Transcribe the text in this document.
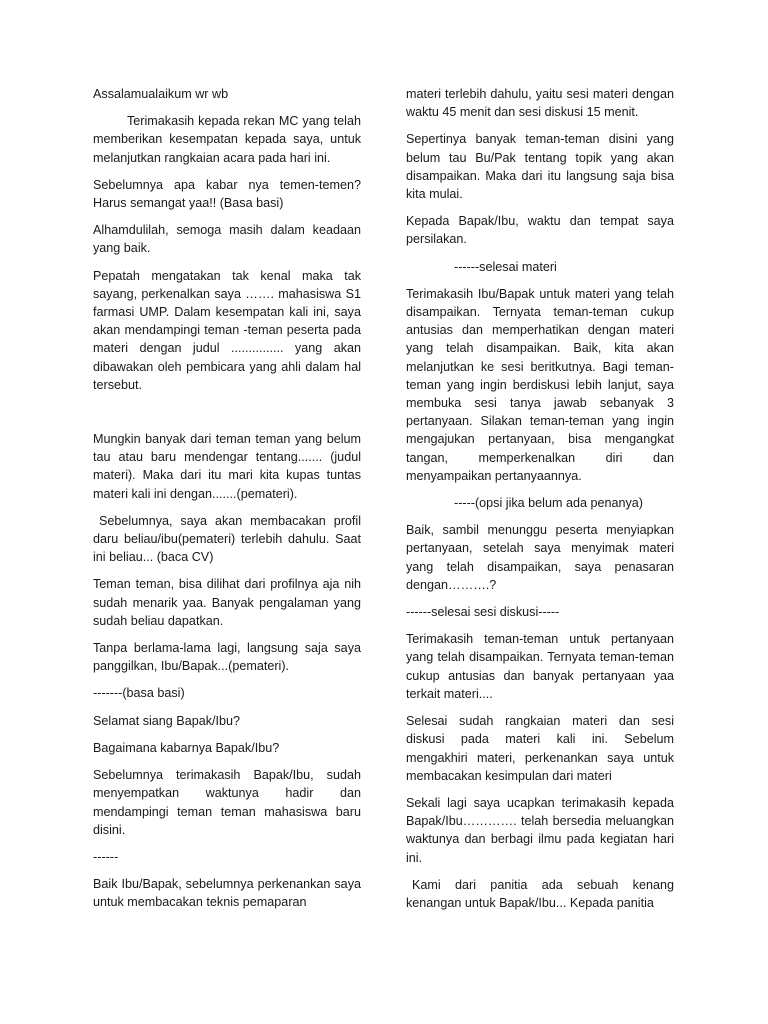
Assalamualaikum wr wb

Terimakasih kepada rekan MC yang telah memberikan kesempatan kepada saya, untuk melanjutkan rangkaian acara pada hari ini.

Sebelumnya apa kabar nya temen-temen? Harus semangat yaa!! (Basa basi)

Alhamdulilah, semoga masih dalam keadaan yang baik.

Pepatah mengatakan tak kenal maka tak sayang, perkenalkan saya ……. mahasiswa S1 farmasi UMP. Dalam kesempatan kali ini, saya akan mendampingi teman -teman peserta pada materi dengan judul ............... yang akan dibawakan oleh pembicara yang ahli dalam hal tersebut.

Mungkin banyak dari teman teman yang belum tau atau baru mendengar tentang....... (judul materi). Maka dari itu mari kita kupas tuntas materi kali ini dengan.......(pemateri).

Sebelumnya, saya akan membacakan profil daru beliau/ibu(pemateri) terlebih dahulu. Saat ini beliau... (baca CV)

Teman teman, bisa dilihat dari profilnya aja nih sudah menarik yaa. Banyak pengalaman yang sudah beliau dapatkan.

Tanpa berlama-lama lagi, langsung saja saya panggilkan, Ibu/Bapak...(pemateri).

-------(basa basi)

Selamat siang Bapak/Ibu?

Bagaimana kabarnya Bapak/Ibu?

Sebelumnya terimakasih Bapak/Ibu, sudah menyempatkan waktunya hadir dan mendampingi teman teman mahasiswa baru disini.

------

Baik Ibu/Bapak, sebelumnya perkenankan saya untuk membacakan teknis pemaparan

materi terlebih dahulu, yaitu sesi materi dengan waktu 45 menit dan sesi diskusi 15 menit.

Sepertinya banyak teman-teman disini yang belum tau Bu/Pak tentang topik yang akan disampaikan. Maka dari itu langsung saja bisa kita mulai.

Kepada Bapak/Ibu, waktu dan tempat saya persilakan.

------selesai materi

Terimakasih Ibu/Bapak untuk materi yang telah disampaikan. Ternyata teman-teman cukup antusias dan memperhatikan dengan materi yang telah disampaikan. Baik, kita akan melanjutkan ke sesi beritkutnya. Bagi teman-teman yang ingin berdiskusi lebih lanjut, saya membuka sesi tanya jawab sebanyak 3 pertanyaan. Silakan teman-teman yang ingin mengajukan pertanyaan, bisa mengangkat tangan, memperkenalkan diri dan menyampaikan pertanyaannya.

-----(opsi jika belum ada penanya)

Baik, sambil menunggu peserta menyiapkan pertanyaan, setelah saya menyimak materi yang telah disampaikan, saya penasaran dengan……….?

------selesai sesi diskusi-----

Terimakasih teman-teman untuk pertanyaan yang telah disampaikan. Ternyata teman-teman cukup antusias dan banyak pertanyaan yaa terkait materi....

Selesai sudah rangkaian materi dan sesi diskusi pada materi kali ini. Sebelum mengakhiri materi, perkenankan saya untuk membacakan kesimpulan dari materi

Sekali lagi saya ucapkan terimakasih kepada Bapak/Ibu…………. telah bersedia meluangkan waktunya dan berbagi ilmu pada kegiatan hari ini.

Kami dari panitia ada sebuah kenang kenangan untuk Bapak/Ibu... Kepada panitia
